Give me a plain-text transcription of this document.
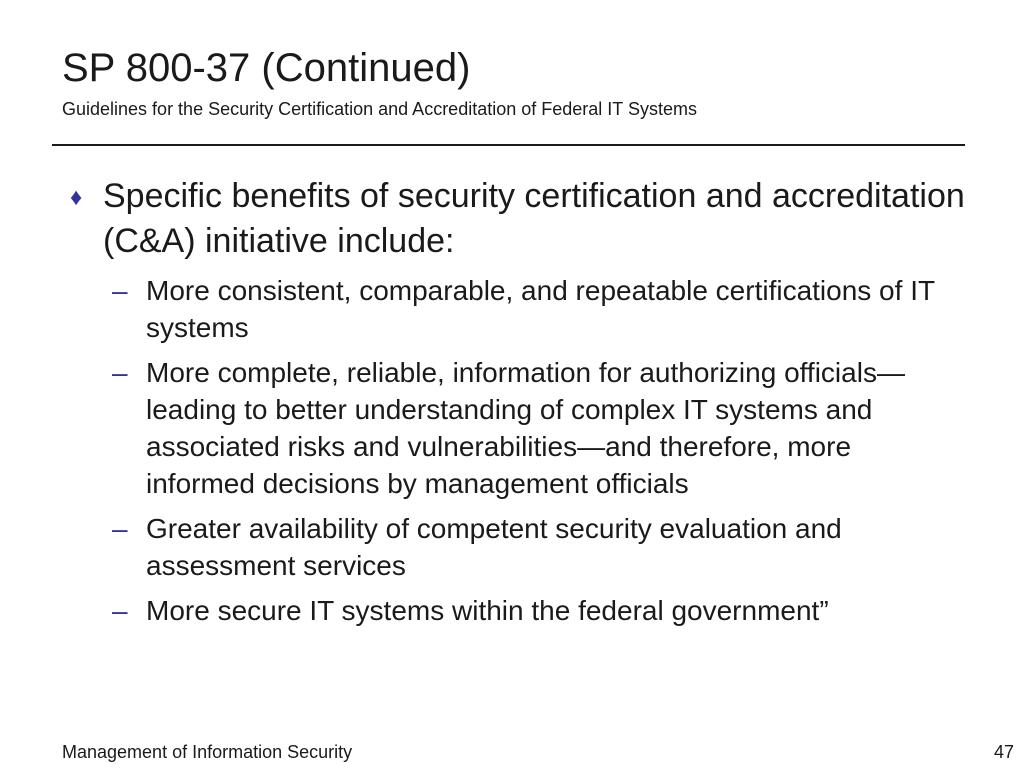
SP 800-37 (Continued)
Guidelines for the Security Certification and Accreditation of Federal IT Systems
♦ Specific benefits of security certification and accreditation (C&A) initiative include:
– More consistent, comparable, and repeatable certifications of IT systems
– More complete, reliable, information for authorizing officials—leading to better understanding of complex IT systems and associated risks and vulnerabilities—and therefore, more informed decisions by management officials
– Greater availability of competent security evaluation and assessment services
– More secure IT systems within the federal government”
Management of Information Security	47
